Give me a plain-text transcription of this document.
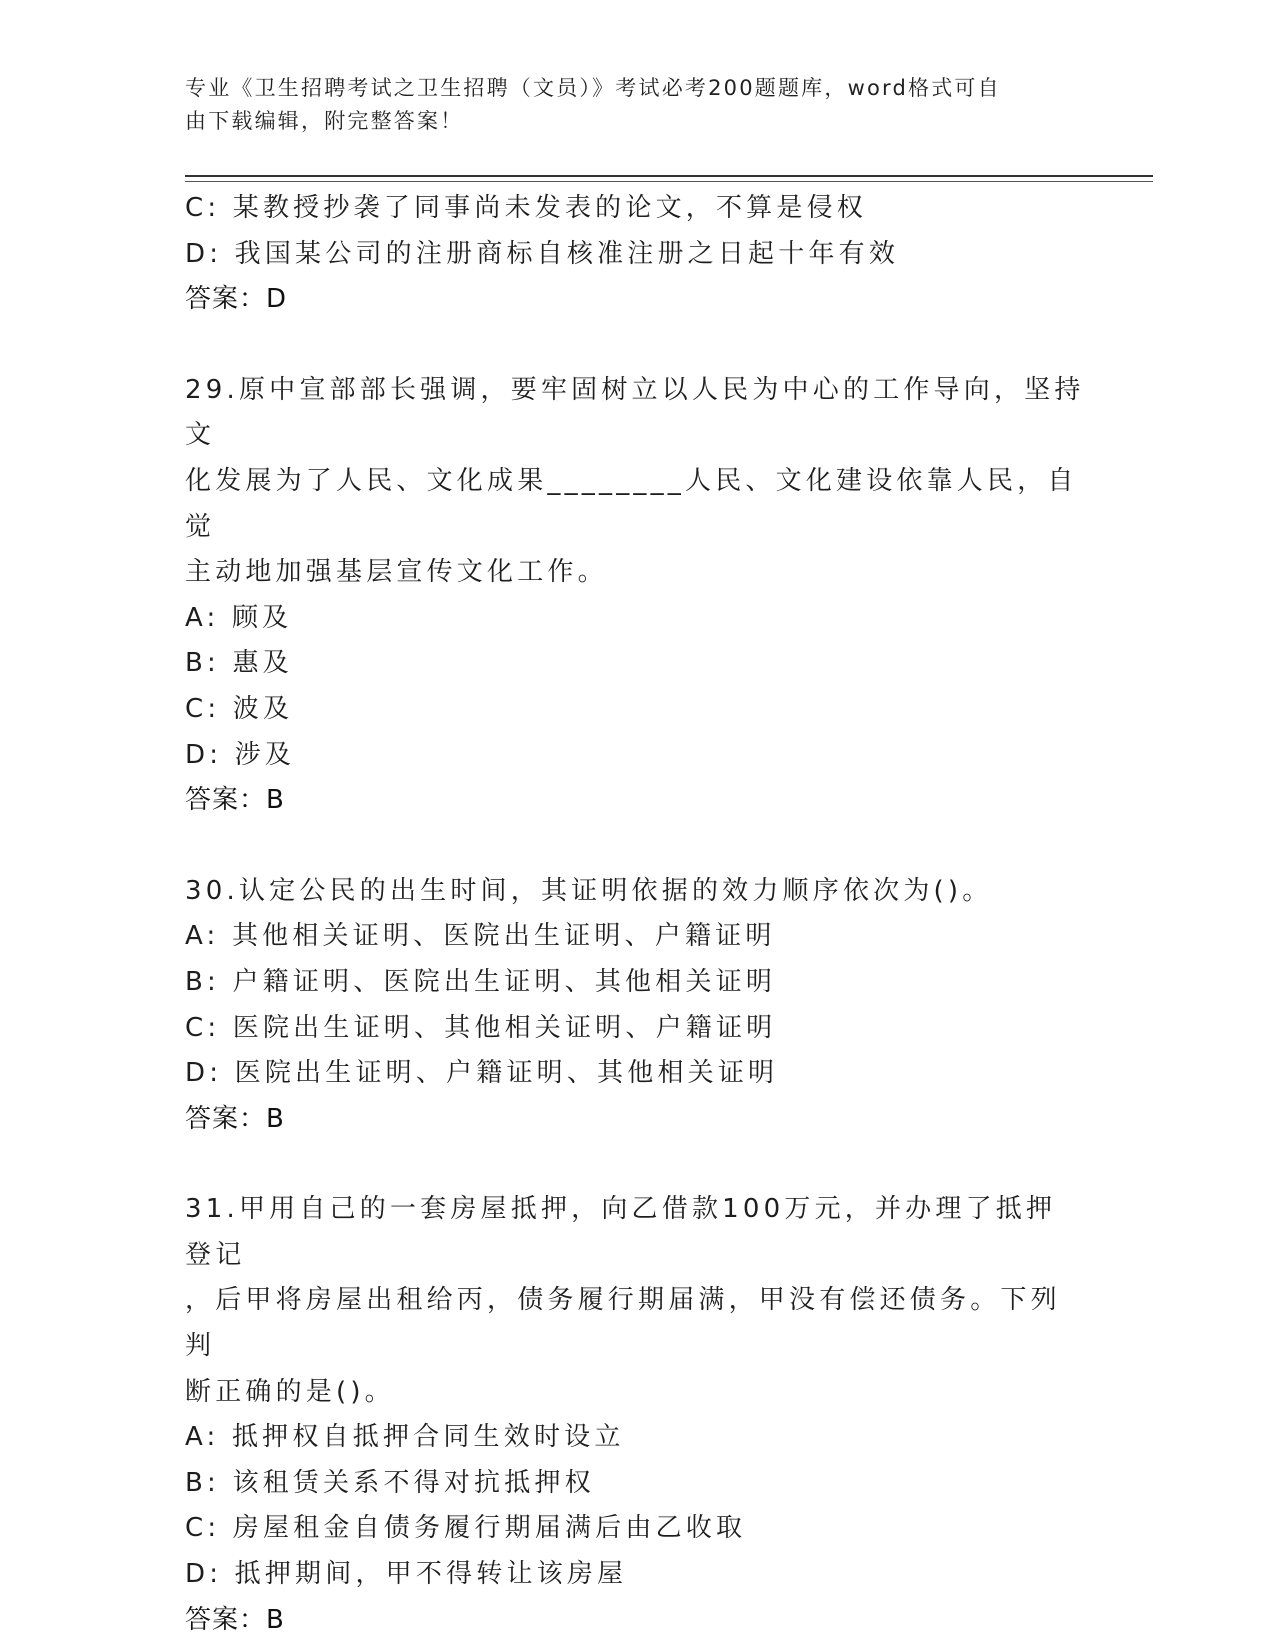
专业《卫生招聘考试之卫生招聘（文员）》考试必考200题题库，word格式可自
由下载编辑，附完整答案！
C: 某教授抄袭了同事尚未发表的论文，不算是侵权
D: 我国某公司的注册商标自核准注册之日起十年有效
答案：D
29.原中宣部部长强调，要牢固树立以人民为中心的工作导向，坚持文
化发展为了人民、文化成果________人民、文化建设依靠人民，自觉
主动地加强基层宣传文化工作。
A: 顾及
B: 惠及
C: 波及
D: 涉及
答案：B
30.认定公民的出生时间，其证明依据的效力顺序依次为()。
A: 其他相关证明、医院出生证明、户籍证明
B: 户籍证明、医院出生证明、其他相关证明
C: 医院出生证明、其他相关证明、户籍证明
D: 医院出生证明、户籍证明、其他相关证明
答案：B
31.甲用自己的一套房屋抵押，向乙借款100万元，并办理了抵押登记
，后甲将房屋出租给丙，债务履行期届满，甲没有偿还债务。下列判
断正确的是()。
A: 抵押权自抵押合同生效时设立
B: 该租赁关系不得对抗抵押权
C: 房屋租金自债务履行期届满后由乙收取
D: 抵押期间，甲不得转让该房屋
答案：B
